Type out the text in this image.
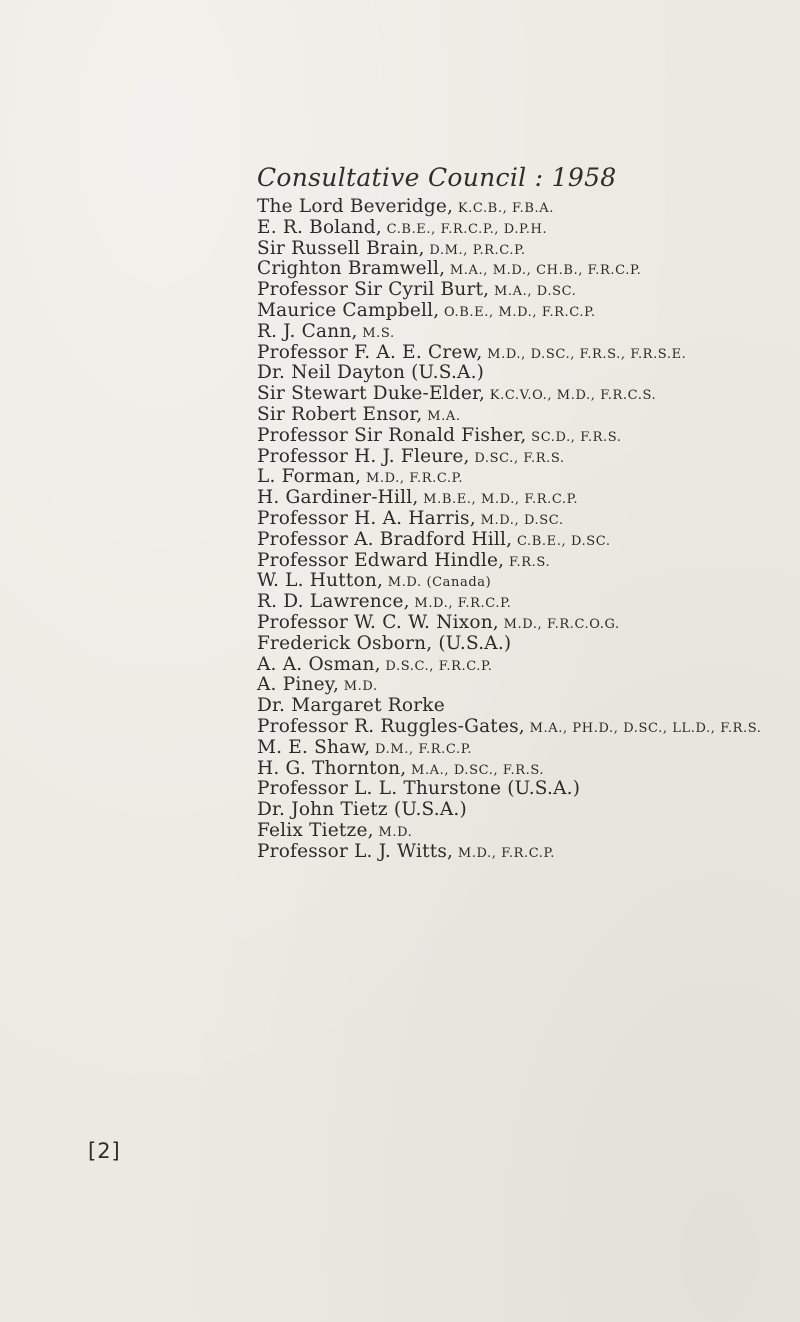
Consultative Council : 1958
The Lord Beveridge, K.C.B., F.B.A.
E. R. Boland, C.B.E., F.R.C.P., D.P.H.
Sir Russell Brain, D.M., P.R.C.P.
Crighton Bramwell, M.A., M.D., CH.B., F.R.C.P.
Professor Sir Cyril Burt, M.A., D.SC.
Maurice Campbell, O.B.E., M.D., F.R.C.P.
R. J. Cann, M.S.
Professor F. A. E. Crew, M.D., D.SC., F.R.S., F.R.S.E.
Dr. Neil Dayton (U.S.A.)
Sir Stewart Duke-Elder, K.C.V.O., M.D., F.R.C.S.
Sir Robert Ensor, M.A.
Professor Sir Ronald Fisher, SC.D., F.R.S.
Professor H. J. Fleure, D.SC., F.R.S.
L. Forman, M.D., F.R.C.P.
H. Gardiner-Hill, M.B.E., M.D., F.R.C.P.
Professor H. A. Harris, M.D., D.SC.
Professor A. Bradford Hill, C.B.E., D.SC.
Professor Edward Hindle, F.R.S.
W. L. Hutton, M.D. (Canada)
R. D. Lawrence, M.D., F.R.C.P.
Professor W. C. W. Nixon, M.D., F.R.C.O.G.
Frederick Osborn, (U.S.A.)
A. A. Osman, D.S.C., F.R.C.P.
A. Piney, M.D.
Dr. Margaret Rorke
Professor R. Ruggles-Gates, M.A., PH.D., D.SC., LL.D., F.R.S.
M. E. Shaw, D.M., F.R.C.P.
H. G. Thornton, M.A., D.SC., F.R.S.
Professor L. L. Thurstone (U.S.A.)
Dr. John Tietz (U.S.A.)
Felix Tietze, M.D.
Professor L. J. Witts, M.D., F.R.C.P.
[2]
